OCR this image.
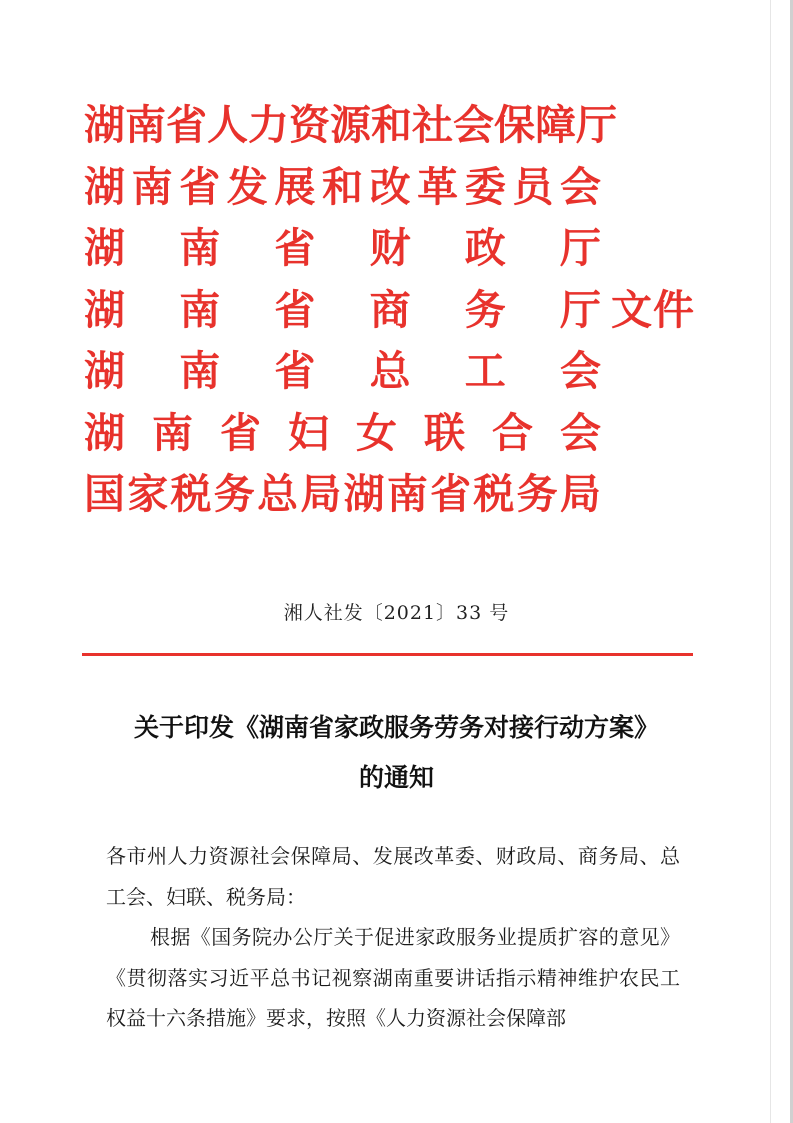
湖 南 省 人 力 资 源 和 社 会 保 障 厅
湖 南 省 发 展 和 改 革 委 员 会
湖 南 省 财 政 厅
湖 南 省 商 务 厅 文件
湖 南 省 总 工 会
湖 南 省 妇 女 联 合 会
国 家 税 务 总 局 湖 南 省 税 务 局
湘人社发〔2021〕33 号
关于印发《湖南省家政服务劳务对接行动方案》
的通知

各市州人力资源社会保障局、发展改革委、财政局、商务局、总工会、妇联、税务局：

根据《国务院办公厅关于促进家政服务业提质扩容的意见》《贯彻落实习近平总书记视察湖南重要讲话指示精神维护农民工权益十六条措施》要求，按照《人力资源社会保障部
